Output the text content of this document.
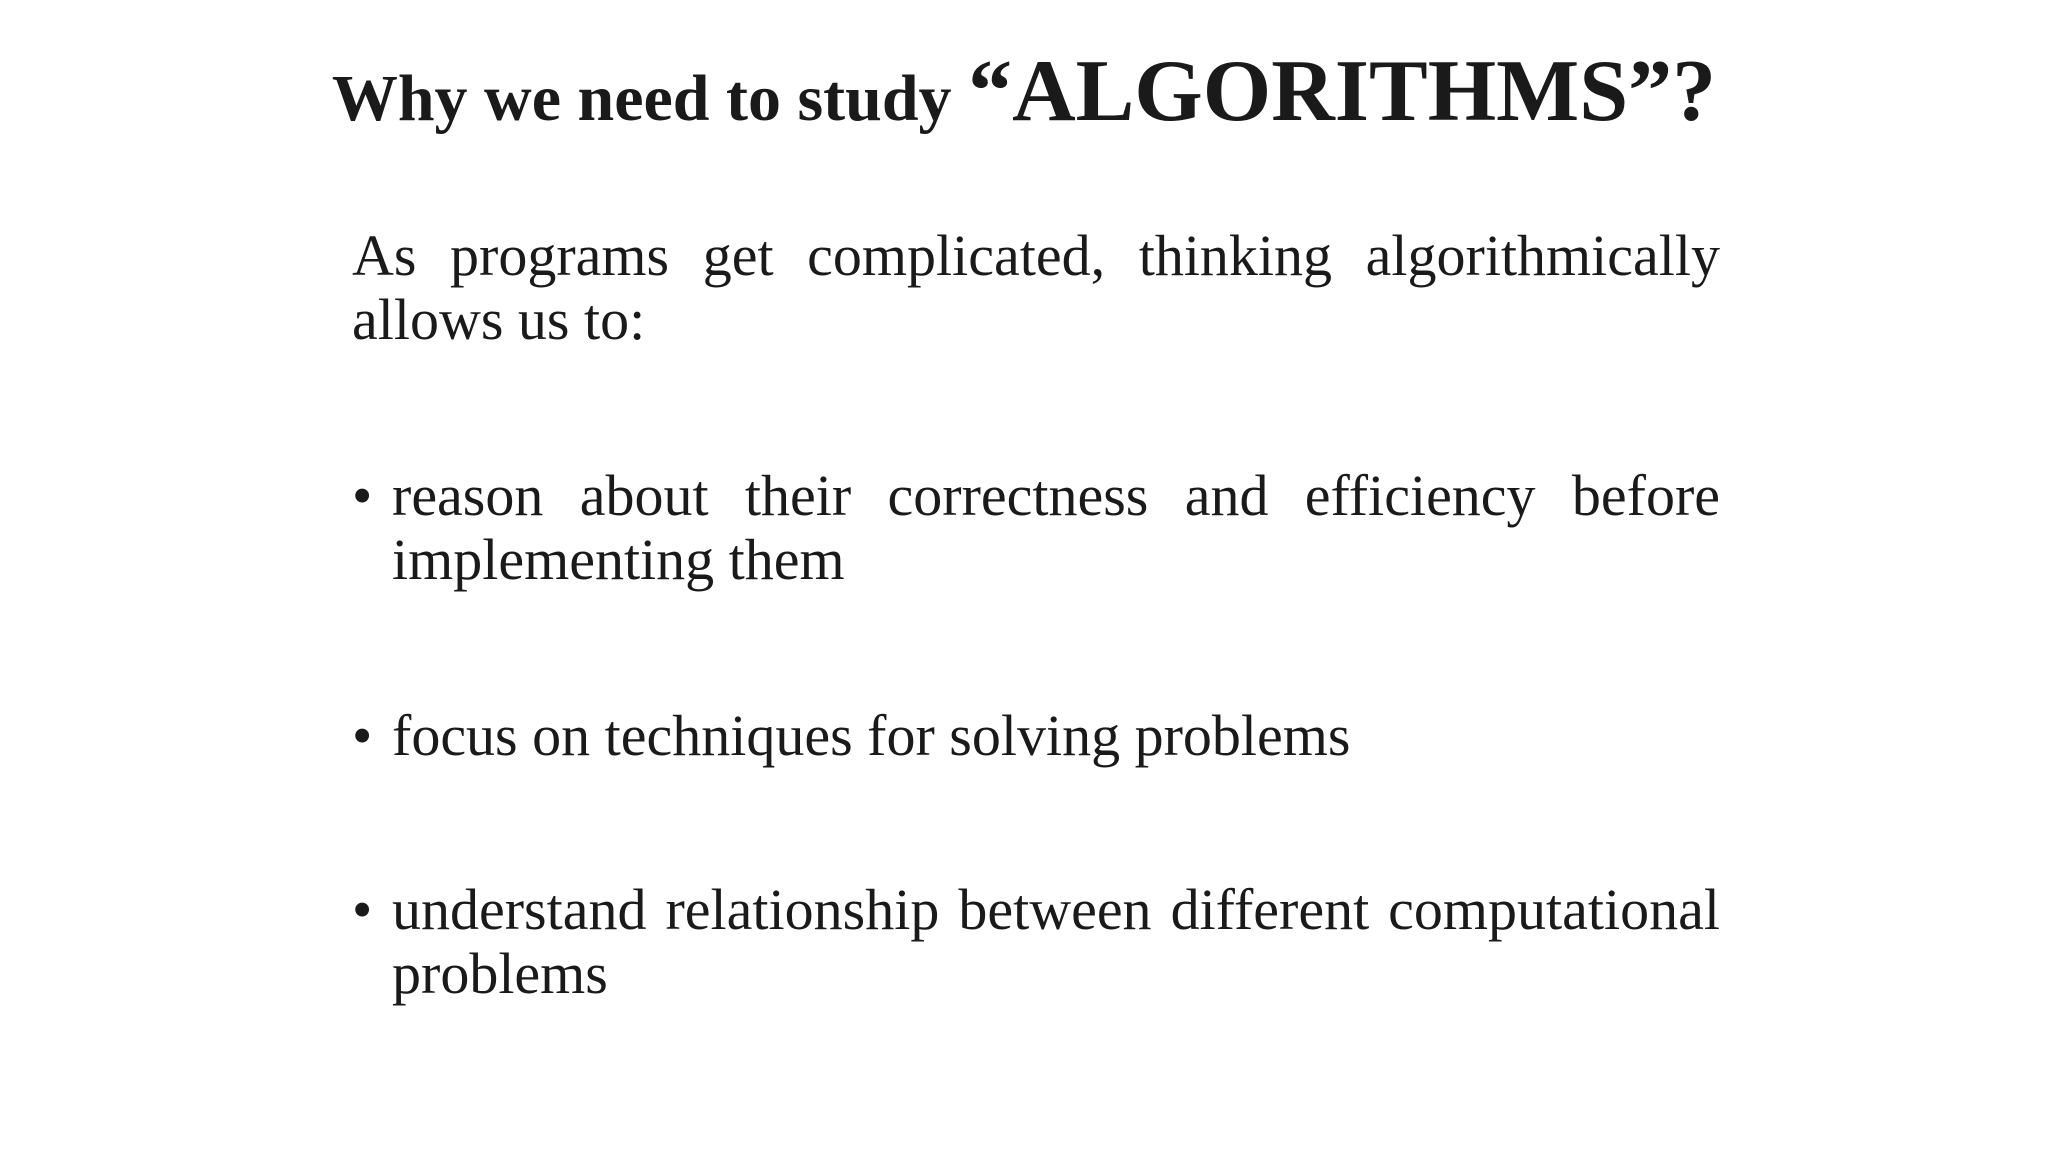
Why we need to study “ALGORITHMS”?

As programs get complicated, thinking algorithmically allows us to:

• reason about their correctness and efficiency before implementing them
• focus on techniques for solving problems
• understand relationship between different computational problems
